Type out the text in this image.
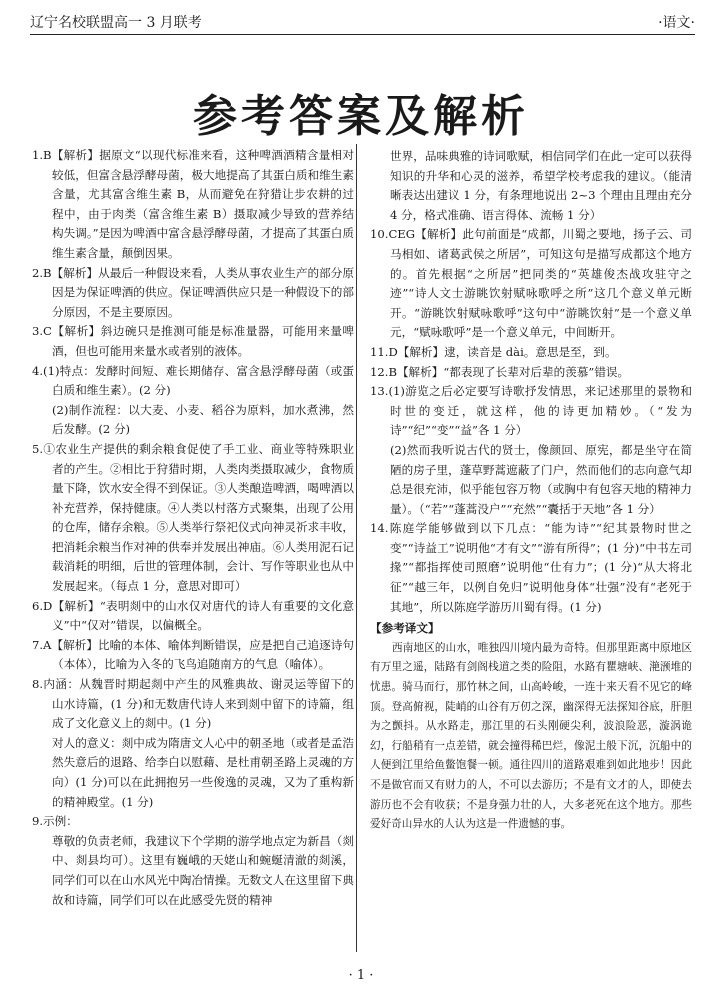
辽宁名校联盟高一 3 月联考	·语文·
参考答案及解析

1.B【解析】据原文“以现代标准来看，这种啤酒酒精含量相对较低，但富含悬浮酵母菌，极大地提高了其蛋白质和维生素含量，尤其富含维生素 B，从而避免在狩猎让步农耕的过程中，由于肉类（富含维生素 B）摄取减少导致的营养结构失调。”是因为啤酒中富含悬浮酵母菌，才提高了其蛋白质维生素含量，颠倒因果。

2.B【解析】从最后一种假设来看，人类从事农业生产的部分原因是为保证啤酒的供应。保证啤酒供应只是一种假设下的部分原因，不是主要原因。

3.C【解析】斜边碗只是推测可能是标准量器，可能用来量啤酒，但也可能用来量水或者别的液体。

4.(1)特点：发酵时间短、难长期储存、富含悬浮酵母菌（或蛋白质和维生素）。(2 分)

(2)制作流程：以大麦、小麦、稻谷为原料，加水煮沸，然后发酵。(2 分)

5.①农业生产提供的剩余粮食促使了手工业、商业等特殊职业者的产生。②相比于狩猎时期，人类肉类摄取减少，食物质量下降，饮水安全得不到保证。③人类酿造啤酒，喝啤酒以补充营养，保持健康。④人类以村落方式聚集，出现了公用的仓库，储存余粮。⑤人类举行祭祀仪式向神灵祈求丰收，把消耗余粮当作对神的供奉并发展出神庙。⑥人类用泥石记载消耗的明细，后世的管理体制，会计、写作等职业也从中发展起来。（每点 1 分，意思对即可）

6.D【解析】“表明剡中的山水仅对唐代的诗人有重要的文化意义”中“仅对”错误，以偏概全。

7.A【解析】比喻的本体、喻体判断错误，应是把自己追逐诗句（本体），比喻为入冬的飞鸟追随南方的气息（喻体）。

8.内涵：从魏晋时期起剡中产生的风雅典故、谢灵运等留下的山水诗篇，(1 分)和无数唐代诗人来到剡中留下的诗篇，组成了文化意义上的剡中。(1 分)

对人的意义：剡中成为隋唐文人心中的朝圣地（或者是孟浩然失意后的退路、给李白以慰藉、是杜甫朝圣路上灵魂的方向）(1 分)可以在此拥抱另一些俊逸的灵魂，又为了重构新的精神殿堂。(1 分)

9.示例：

尊敬的负责老师，我建议下个学期的游学地点定为新昌（剡中、剡县均可）。这里有巍峨的天姥山和蜿蜒清澈的剡溪，同学们可以在山水风光中陶冶情操。无数文人在这里留下典故和诗篇，同学们可以在此感受先贤的精神

世界，品味典雅的诗词歌赋，相信同学们在此一定可以获得知识的升华和心灵的滋养，希望学校考虑我的建议。（能清晰表达出建议 1 分，有条理地说出 2~3 个理由且理由充分 4 分，格式准确、语言得体、流畅 1 分）

10.CEG【解析】此句前面是“成都，川蜀之要地，扬子云、司马相如、诸葛武侯之所居”，可知这句是描写成都这个地方的。首先根据“之所居”把同类的“英雄俊杰战攻驻守之迹”“诗人文士游眺饮射赋咏歌呼之所”这几个意义单元断开。“游眺饮射赋咏歌呼”这句中“游眺饮射”是一个意义单元，“赋咏歌呼”是一个意义单元，中间断开。

11.D【解析】逮，读音是 dài。意思是至，到。

12.B【解析】“都表现了长辈对后辈的羡慕”错误。

13.(1)游览之后必定要写诗歌抒发情思，来记述那里的景物和时世的变迁，就这样，他的诗更加精妙。（“发为诗”“纪”“变”“益”各 1 分）

(2)然而我听说古代的贤士，像颜回、原宪，都是坐守在简陋的房子里，蓬草野蒿遮蔽了门户，然而他们的志向意气却总是很充沛，似乎能包容万物（或胸中有包容天地的精神力量）。（“若”“蓬蒿没户”“充然”“囊括于天地”各 1 分）

14.陈庭学能够做到以下几点：“能为诗”“纪其景物时世之变”“诗益工”说明他“才有文”“游有所得”；(1 分)“中书左司掾”“都指挥使司照磨”说明他“仕有力”；(1 分)“从大将北征”“越三年，以例自免归”说明他身体“壮强”没有“老死于其地”，所以陈庭学游历川蜀有得。(1 分)

【参考译文】

西南地区的山水，唯独四川境内最为奇特。但那里距离中原地区有万里之遥，陆路有剑阁栈道之类的险阻，水路有瞿塘峡、滟滪堆的忧患。骑马而行，那竹林之间，山高岭峻，一连十来天看不见它的峰顶。登高俯视，陡峭的山谷有万仞之深，幽深得无法探知谷底，肝胆为之颤抖。从水路走，那江里的石头刚硬尖利，波浪险恶，漩涡诡幻，行船稍有一点差错，就会撞得稀巴烂，像泥土般下沉，沉船中的人便到江里给鱼鳖饱餐一顿。通往四川的道路艰难到如此地步！因此不是做官而又有财力的人，不可以去游历；不是有文才的人，即使去游历也不会有收获；不是身强力壮的人，大多老死在这个地方。那些爱好奇山异水的人认为这是一件遗憾的事。

· 1 ·
